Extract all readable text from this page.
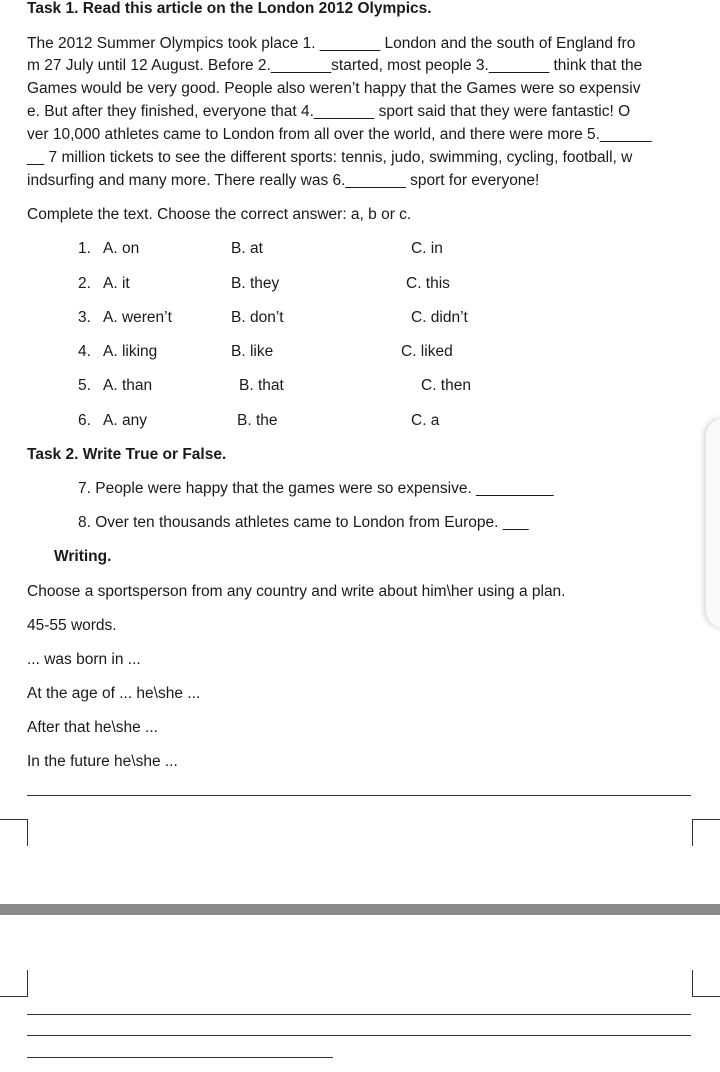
Task 1. Read this article on the London 2012 Olympics.
The 2012 Summer Olympics took place 1. _______ London and the south of England fro
m 27 July until 12 August. Before 2._______started, most people 3._______ think that the
Games would be very good. People also weren’t happy that the Games were so expensiv
e. But after they finished, everyone that 4._______ sport said that they were fantastic! O
ver 10,000 athletes came to London from all over the world, and there were more 5.______
__ 7 million tickets to see the different sports: tennis, judo, swimming, cycling, football, w
indsurfing and many more. There really was 6._______ sport for everyone!
Complete the text. Choose the correct answer: a, b or c.
1. A. on	B. at	C. in
2. A. it	B. they	C. this
3. A. weren’t	B. don’t	C. didn’t
4. A. liking	B. like	C. liked
5. A. than	B. that	C. then
6. A. any	B. the	C. a
Task 2. Write True or False.
7. People were happy that the games were so expensive. _________
8. Over ten thousands athletes came to London from Europe. ___
Writing.
Choose a sportsperson from any country and write about him\her using a plan.
45-55 words.
... was born in ...
At the age of ... he\she ...
After that he\she ...
In the future he\she ...
